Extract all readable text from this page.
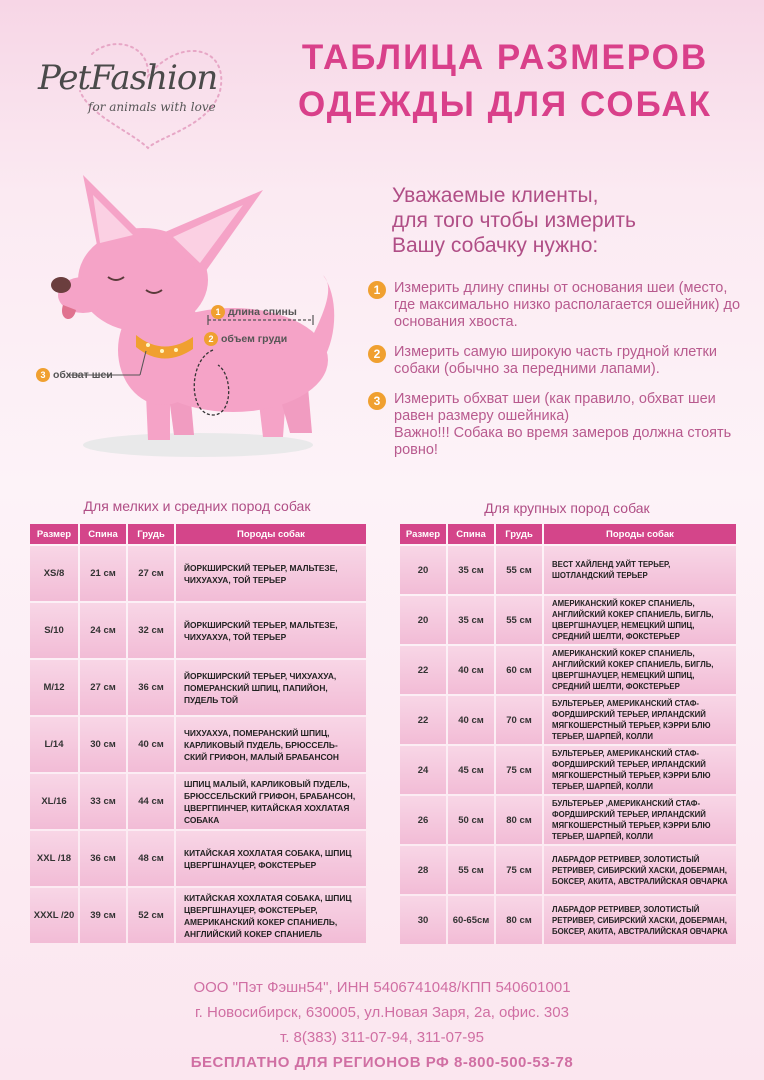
PetFashion
for animals with love
ТАБЛИЦА РАЗМЕРОВ
ОДЕЖДЫ ДЛЯ СОБАК
1 длина спины
2 объем груди
3 обхват шеи
Уважаемые клиенты,
для того чтобы измерить
Вашу собачку нужно:
1 Измерить длину спины от основания шеи (место, где максимально низко располагается ошейник) до основания хвоста.

2 Измерить самую широкую часть грудной клетки собаки (обычно за передними лапами).

3 Измерить обхват шеи (как правило, обхват шеи равен размеру ошейника)

Важно!!! Собака во время замеров должна стоять ровно!

Для мелких и средних пород собак
Размер	Спина	Грудь	Породы собак
XS/8	21 см	27 см	ЙОРКШИРСКИЙ ТЕРЬЕР, МАЛЬТЕЗЕ, ЧИХУАХУА, ТОЙ ТЕРЬЕР
S/10	24 см	32 см	ЙОРКШИРСКИЙ ТЕРЬЕР, МАЛЬТЕЗЕ, ЧИХУАХУА, ТОЙ ТЕРЬЕР
M/12	27 см	36 см	ЙОРКШИРСКИЙ ТЕРЬЕР, ЧИХУАХУА, ПОМЕРАНСКИЙ ШПИЦ, ПАПИЙОН, ПУДЕЛЬ ТОЙ
L/14	30 см	40 см	ЧИХУАХУА, ПОМЕРАНСКИЙ ШПИЦ, КАРЛИКОВЫЙ ПУДЕЛЬ, БРЮССЕЛЬ-СКИЙ ГРИФОН, МАЛЫЙ БРАБАНСОН
XL/16	33 см	44 см	ШПИЦ МАЛЫЙ, КАРЛИКОВЫЙ ПУДЕЛЬ, БРЮССЕЛЬСКИЙ ГРИФОН, БРАБАНСОН, ЦВЕРГПИНЧЕР, КИТАЙСКАЯ ХОХЛАТАЯ СОБАКА
XXL /18	36 см	48 см	КИТАЙСКАЯ ХОХЛАТАЯ СОБАКА, ШПИЦ ЦВЕРГШНАУЦЕР, ФОКСТЕРЬЕР
XXXL /20	39 см	52 см	КИТАЙСКАЯ ХОХЛАТАЯ СОБАКА, ШПИЦ ЦВЕРГШНАУЦЕР, ФОКСТЕРЬЕР, АМЕРИКАНСКИЙ КОКЕР СПАНИЕЛЬ, АНГЛИЙСКИЙ КОКЕР СПАНИЕЛЬ
Для крупных пород собак
Размер	Спина	Грудь	Породы собак
20	35 см	55 см	ВЕСТ ХАЙЛЕНД УАЙТ ТЕРЬЕР, ШОТЛАНДСКИЙ ТЕРЬЕР
20	35 см	55 см	АМЕРИКАНСКИЙ КОКЕР СПАНИЕЛЬ, АНГЛИЙСКИЙ КОКЕР СПАНИЕЛЬ, БИГЛЬ, ЦВЕРГШНАУЦЕР, НЕМЕЦКИЙ ШПИЦ, СРЕДНИЙ ШЕЛТИ, ФОКСТЕРЬЕР
22	40 см	60 см	АМЕРИКАНСКИЙ КОКЕР СПАНИЕЛЬ, АНГЛИЙСКИЙ КОКЕР СПАНИЕЛЬ, БИГЛЬ, ЦВЕРГШНАУЦЕР, НЕМЕЦКИЙ ШПИЦ, СРЕДНИЙ ШЕЛТИ, ФОКСТЕРЬЕР
22	40 см	70 см	БУЛЬТЕРЬЕР, АМЕРИКАНСКИЙ СТАФ-ФОРДШИРСКИЙ ТЕРЬЕР, ИРЛАНДСКИЙ МЯГКОШЕРСТНЫЙ ТЕРЬЕР, КЭРРИ БЛЮ ТЕРЬЕР, ШАРПЕЙ, КОЛЛИ
24	45 см	75 см	БУЛЬТЕРЬЕР, АМЕРИКАНСКИЙ СТАФ-ФОРДШИРСКИЙ ТЕРЬЕР, ИРЛАНДСКИЙ МЯГКОШЕРСТНЫЙ ТЕРЬЕР, КЭРРИ БЛЮ ТЕРЬЕР, ШАРПЕЙ, КОЛЛИ
26	50 см	80 см	БУЛЬТЕРЬЕР ,АМЕРИКАНСКИЙ СТАФ-ФОРДШИРСКИЙ ТЕРЬЕР, ИРЛАНДСКИЙ МЯГКОШЕРСТНЫЙ ТЕРЬЕР, КЭРРИ БЛЮ ТЕРЬЕР, ШАРПЕЙ, КОЛЛИ
28	55 см	75 см	ЛАБРАДОР РЕТРИВЕР, ЗОЛОТИСТЫЙ РЕТРИВЕР, СИБИРСКИЙ ХАСКИ, ДОБЕРМАН, БОКСЕР, АКИТА, АВСТРАЛИЙСКАЯ ОВЧАРКА
30	60-65см	80 см	ЛАБРАДОР РЕТРИВЕР, ЗОЛОТИСТЫЙ РЕТРИВЕР, СИБИРСКИЙ ХАСКИ, ДОБЕРМАН, БОКСЕР, АКИТА, АВСТРАЛИЙСКАЯ ОВЧАРКА
ООО "Пэт Фэшн54", ИНН 5406741048/КПП 540601001
г. Новосибирск, 630005, ул.Новая Заря, 2а, офис. 303
т. 8(383) 311-07-94, 311-07-95
БЕСПЛАТНО ДЛЯ РЕГИОНОВ РФ 8-800-500-53-78
